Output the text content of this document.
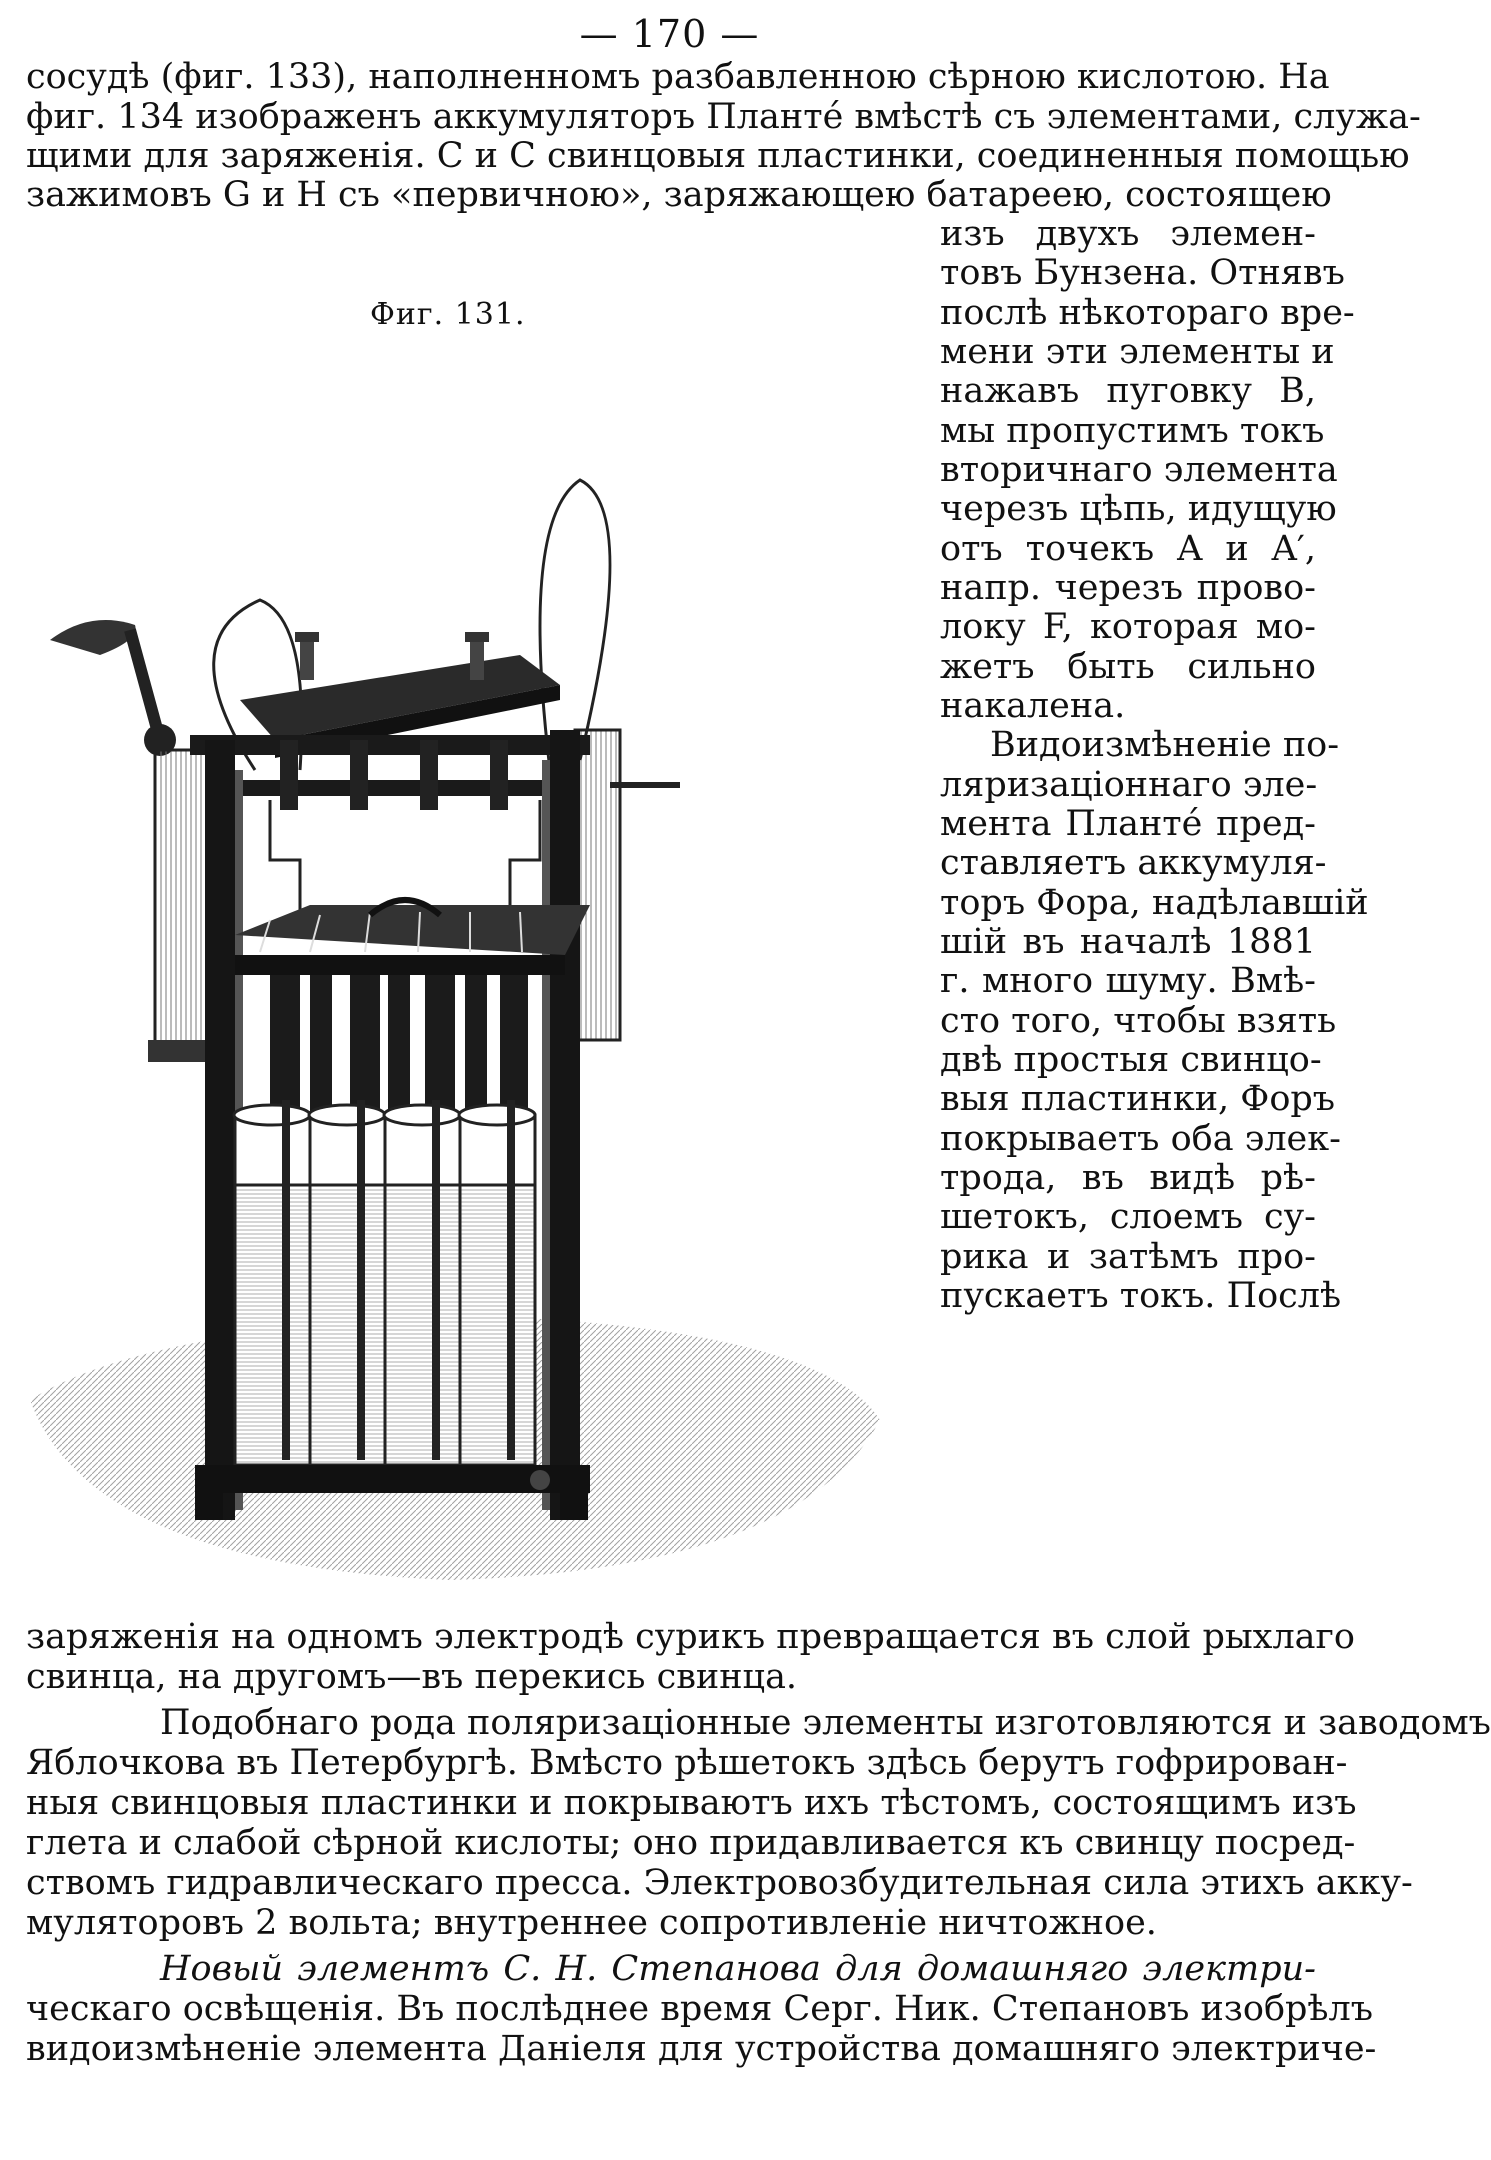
— 170 —
сосудѣ (фиг. 133), наполненномъ разбавленною сѣрною кислотою. На
фиг. 134 изображенъ аккумуляторъ Планте́ вмѣстѣ съ элементами, служа-
щими для заряженія. C и C свинцовыя пластинки, соединенныя помощью
зажимовъ G и H съ «первичною», заряжающею батареею, состоящею
Фиг. 131.
изъ двухъ элемен-
товъ Бунзена. Отнявъ
послѣ нѣкотораго вре-
мени эти элементы и
нажавъ пуговку B,
мы пропустимъ токъ
вторичнаго элемента
черезъ цѣпь, идущую
отъ точекъ A и A′,
напр. черезъ прово-
локу F, которая мо-
жетъ быть сильно
накалена.
Видоизмѣненіе по-
ляризаціоннаго эле-
мента Планте́ пред-
ставляетъ аккумуля-
торъ Фора, надѣлавшій
шій въ началѣ 1881
г. много шуму. Вмѣ-
сто того, чтобы взять
двѣ простыя свинцо-
выя пластинки, Форъ
покрываетъ оба элек-
трода, въ видѣ рѣ-
шетокъ, слоемъ су-
рика и затѣмъ про-
пускаетъ токъ. Послѣ
заряженія на одномъ электродѣ сурикъ превращается въ слой рыхлаго
свинца, на другомъ—въ перекись свинца.
Подобнаго рода поляризаціонные элементы изготовляются и заводомъ
Яблочкова въ Петербургѣ. Вмѣсто рѣшетокъ здѣсь берутъ гофрирован-
ныя свинцовыя пластинки и покрываютъ ихъ тѣстомъ, состоящимъ изъ
глета и слабой сѣрной кислоты; оно придавливается къ свинцу посред-
ствомъ гидравлическаго пресса. Электровозбудительная сила этихъ акку-
муляторовъ 2 вольта; внутреннее сопротивленіе ничтожное.
Новый элементъ С. Н. Степанова для домашняго электри-
ческаго освѣщенія. Въ послѣднее время Серг. Ник. Степановъ изобрѣлъ
видоизмѣненіе элемента Даніеля для устройства домашняго электриче-
